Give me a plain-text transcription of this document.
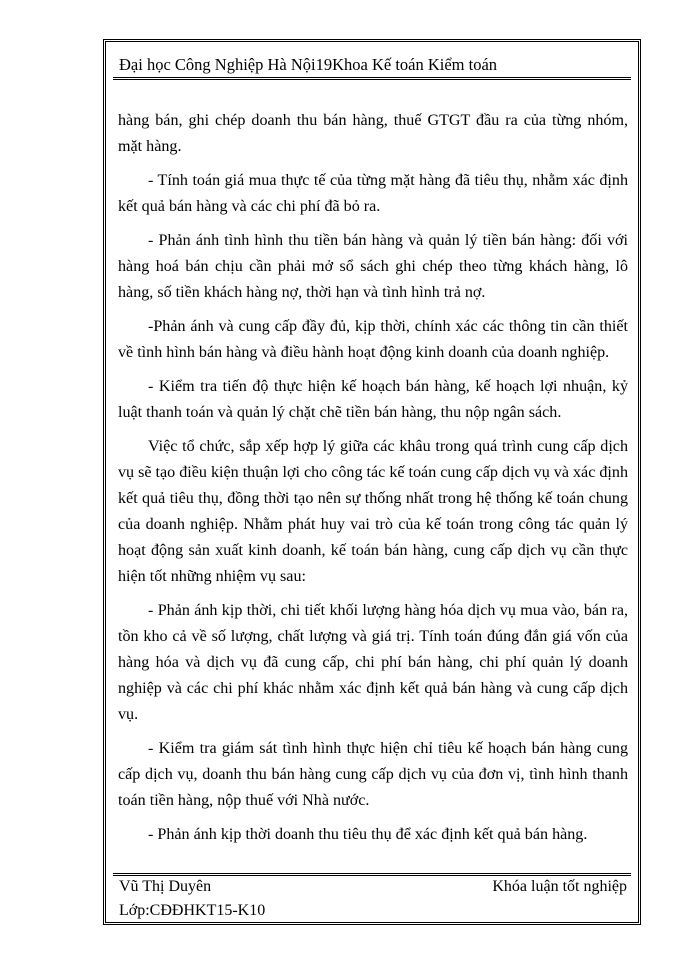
Đại học Công Nghiệp Hà Nội19Khoa Kế toán Kiểm toán

hàng bán, ghi chép doanh thu bán hàng, thuế GTGT đầu ra của từng nhóm, mặt hàng.

- Tính toán giá mua thực tế của từng mặt hàng đã tiêu thụ, nhằm xác định kết quả bán hàng và các chi phí đã bỏ ra.

- Phản ánh tình hình thu tiền bán hàng và quản lý tiền bán hàng: đối với hàng hoá bán chịu cần phải mở sổ sách ghi chép theo từng khách hàng, lô hàng, số tiền khách hàng nợ, thời hạn và tình hình trả nợ.

-Phản ánh và cung cấp đầy đủ, kịp thời, chính xác các thông tin cần thiết về tình hình bán hàng và điều hành hoạt động kinh doanh của doanh nghiệp.

- Kiểm tra tiến độ thực hiện kế hoạch bán hàng, kế hoạch lợi nhuận, kỷ luật thanh toán và quản lý chặt chẽ tiền bán hàng, thu nộp ngân sách.

Việc tổ chức, sắp xếp hợp lý giữa các khâu trong quá trình cung cấp dịch vụ sẽ tạo điều kiện thuận lợi cho công tác kế toán cung cấp dịch vụ và xác định kết quả tiêu thụ, đồng thời tạo nên sự thống nhất trong hệ thống kế toán chung của doanh nghiệp. Nhằm phát huy vai trò của kế toán trong công tác quản lý hoạt động sản xuất kinh doanh, kế toán bán hàng, cung cấp dịch vụ cần thực hiện tốt những nhiệm vụ sau:

- Phản ánh kịp thời, chi tiết khối lượng hàng hóa dịch vụ mua vào, bán ra, tồn kho cả về số lượng, chất lượng và giá trị. Tính toán đúng đắn giá vốn của hàng hóa và dịch vụ đã cung cấp, chi phí bán hàng, chi phí quản lý doanh nghiệp và các chi phí khác nhằm xác định kết quả bán hàng và cung cấp dịch vụ.

- Kiểm tra giám sát tình hình thực hiện chỉ tiêu kế hoạch bán hàng cung cấp dịch vụ, doanh thu bán hàng cung cấp dịch vụ của đơn vị, tình hình thanh toán tiền hàng, nộp thuế với Nhà nước.

- Phản ánh kịp thời doanh thu tiêu thụ để xác định kết quả bán hàng.

Vũ Thị Duyên
Lớp:CĐĐHKT15-K10
Khóa luận tốt nghiệp
